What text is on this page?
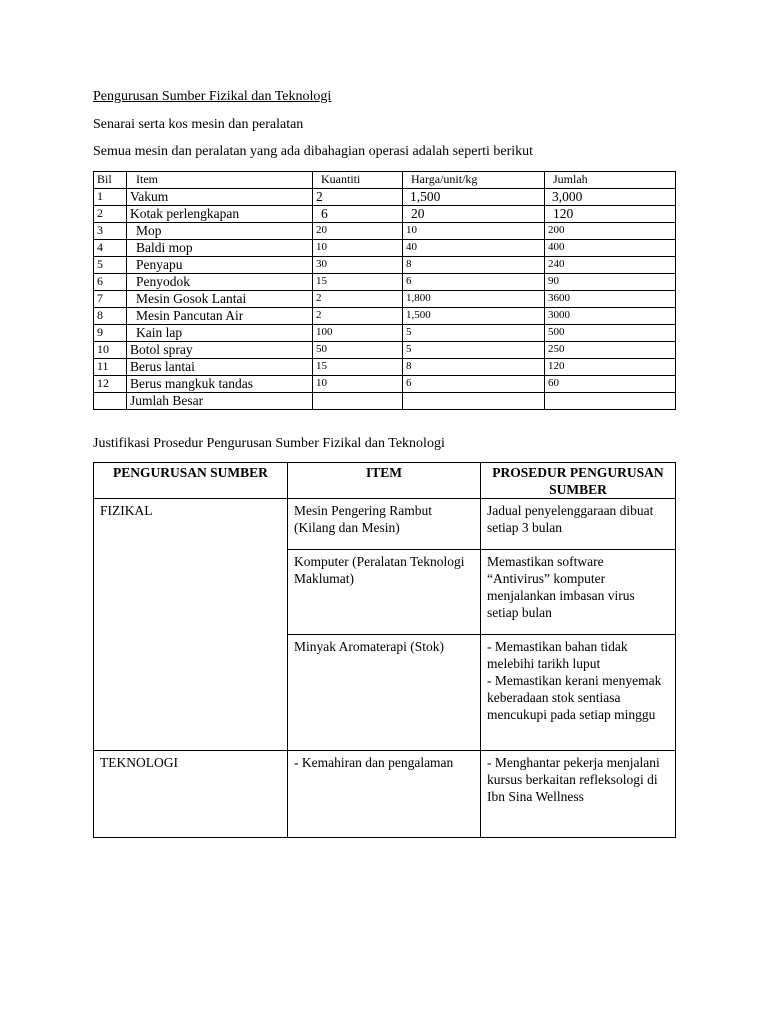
Pengurusan Sumber Fizikal dan Teknologi
Senarai serta kos mesin dan peralatan
Semua mesin dan peralatan yang ada dibahagian operasi adalah seperti berikut
Bil	Item	Kuantiti	Harga/unit/kg	Jumlah
1	Vakum	2	1,500	3,000
2	Kotak perlengkapan	6	20	120
3	Mop	20	10	200
4	Baldi mop	10	40	400
5	Penyapu	30	8	240
6	Penyodok	15	6	90
7	Mesin Gosok Lantai	2	1,800	3600
8	Mesin Pancutan Air	2	1,500	3000
9	Kain lap	100	5	500
10	Botol spray	50	5	250
11	Berus lantai	15	8	120
12	Berus mangkuk tandas	10	6	60
	Jumlah Besar			
Justifikasi Prosedur Pengurusan Sumber Fizikal dan Teknologi
PENGURUSAN SUMBER	ITEM	PROSEDUR PENGURUSAN SUMBER
FIZIKAL	Mesin Pengering Rambut (Kilang dan Mesin)	Jadual penyelenggaraan dibuat setiap 3 bulan
	Komputer (Peralatan Teknologi Maklumat)	Memastikan software “Antivirus” komputer menjalankan imbasan virus setiap bulan
	Minyak Aromaterapi (Stok)	- Memastikan bahan tidak melebihi tarikh luput
- Memastikan kerani menyemak keberadaan stok sentiasa mencukupi pada setiap minggu

TEKNOLOGI	- Kemahiran dan pengalaman	- Menghantar pekerja menjalani kursus berkaitan refleksologi di Ibn Sina Wellness
